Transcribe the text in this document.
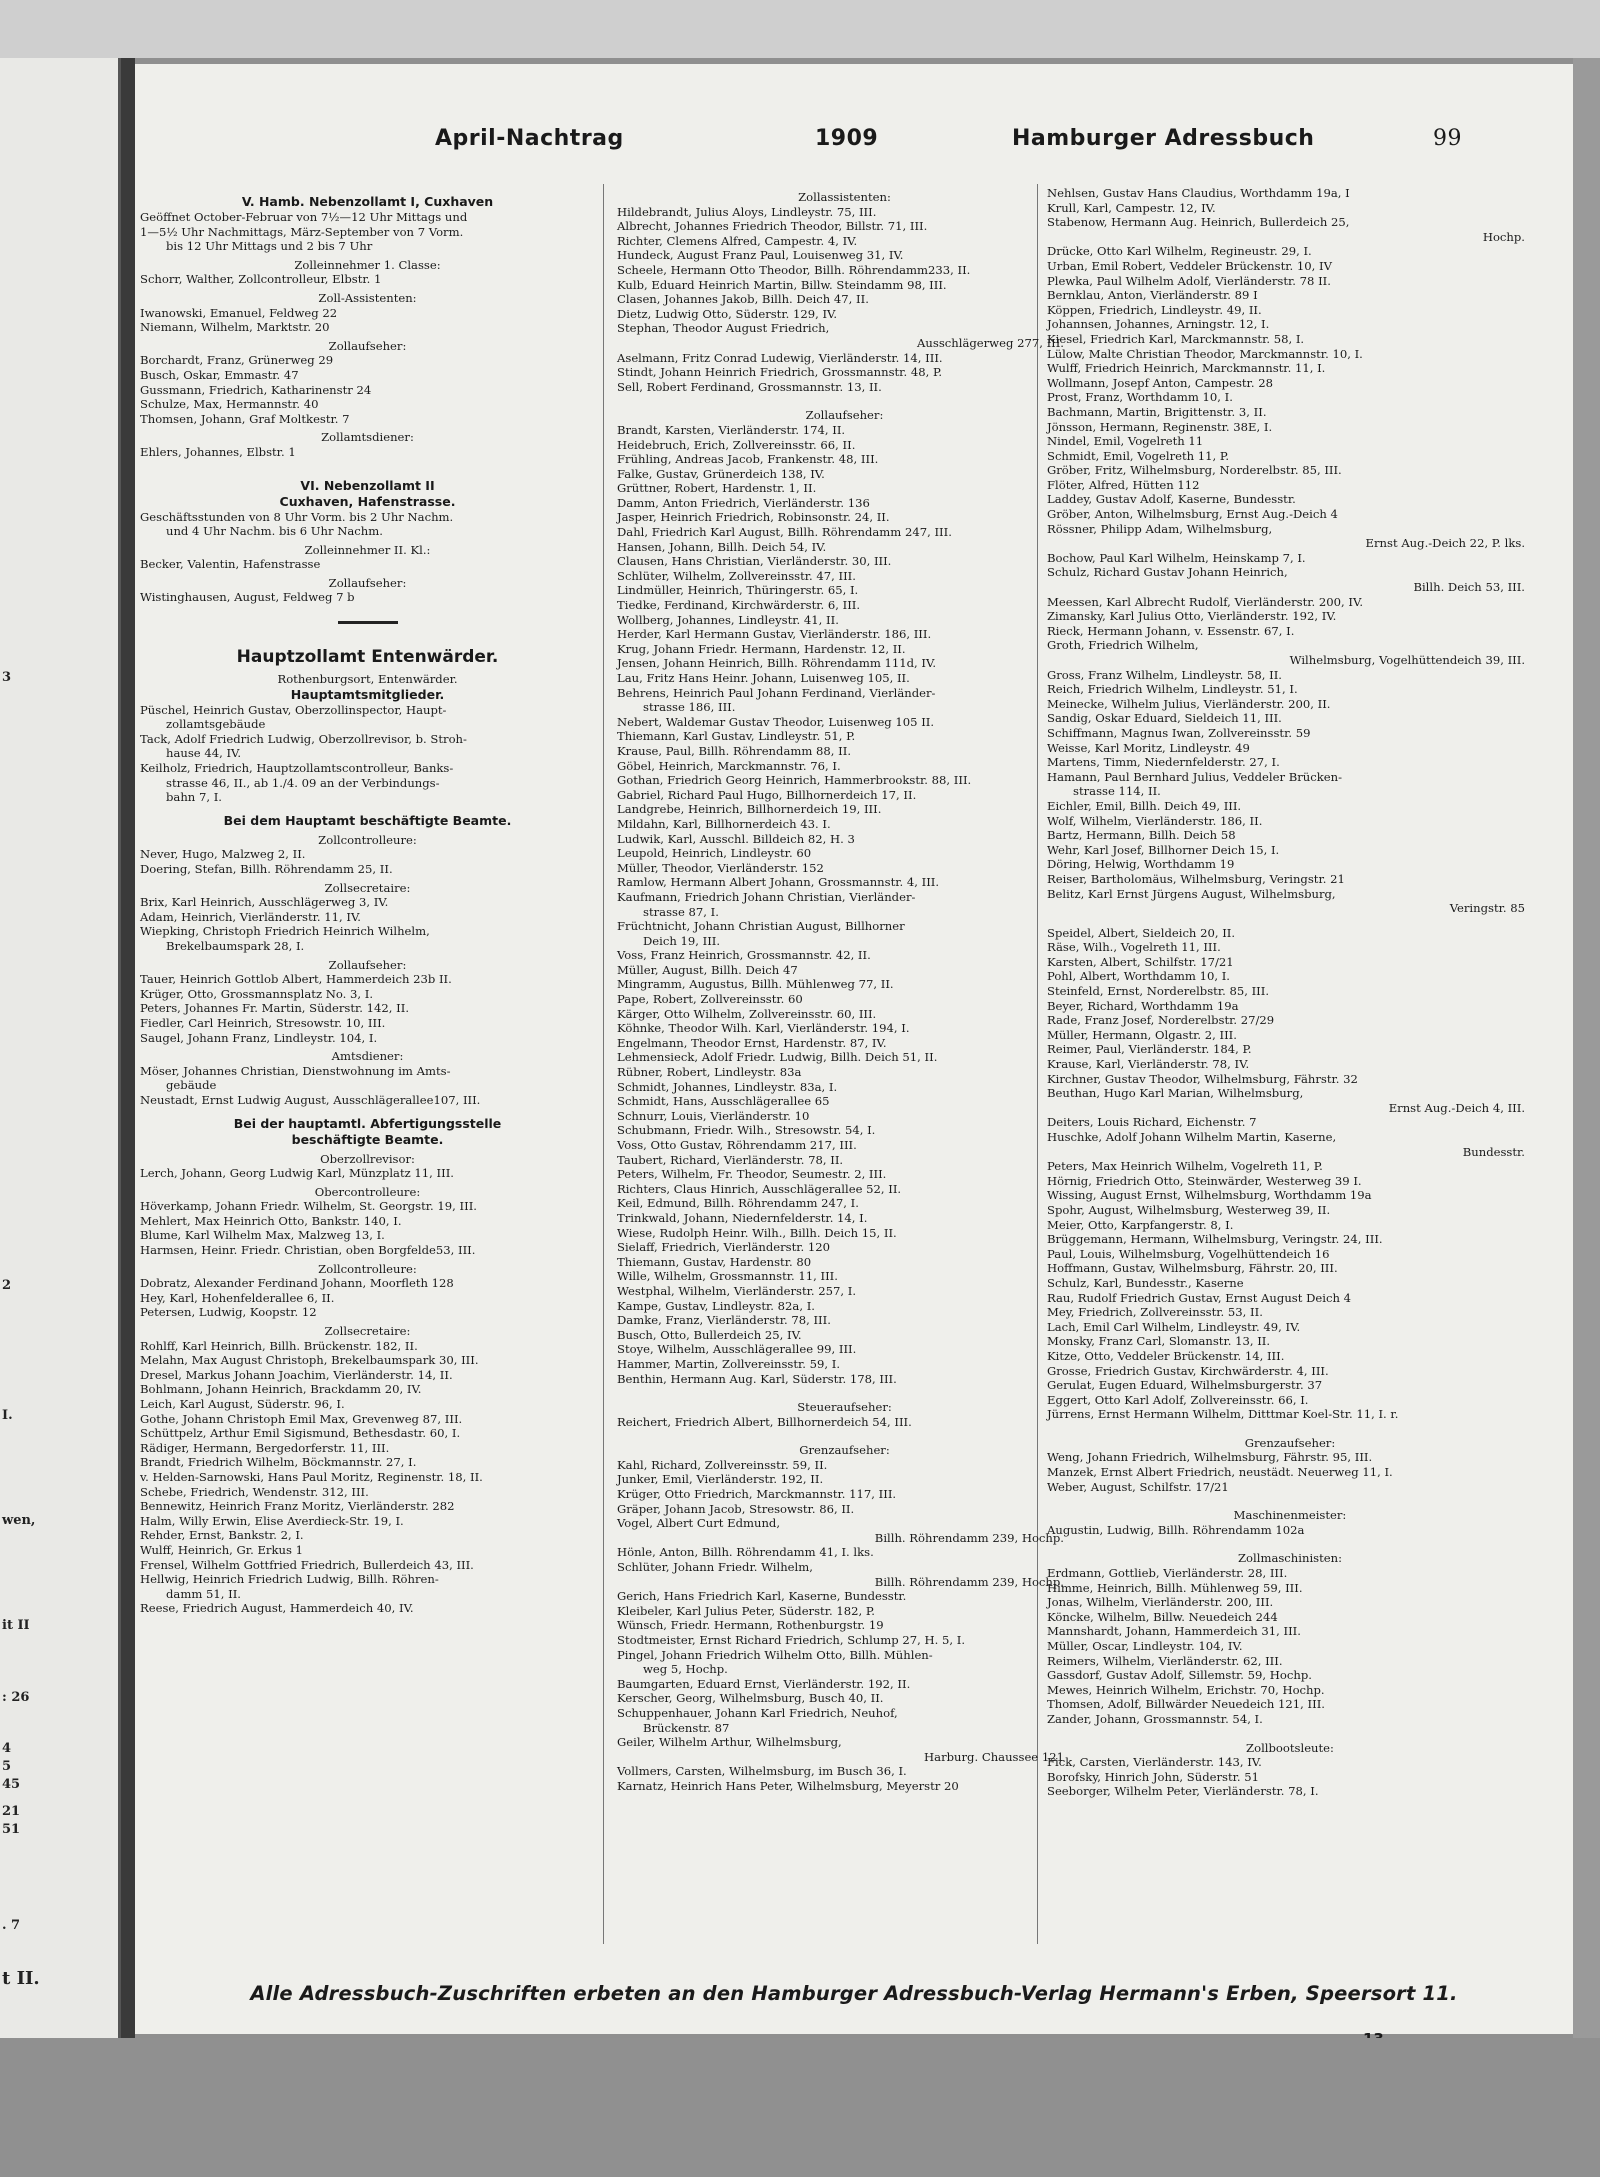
3
2
I.
wen,
it II
: 26
4
5
45
21
51
. 7
t II.
April-Nachtrag	1909	Hamburger Adressbuch	99
V. Hamb. Nebenzollamt I, Cuxhaven
Geöffnet October-Februar von 7½—12 Uhr Mittags und
1—5½ Uhr Nachmittags, März-September von 7 Vorm.
bis 12 Uhr Mittags und 2 bis 7 Uhr
Zolleinnehmer 1. Classe:
Schorr, Walther, Zollcontrolleur, Elbstr. 1
Zoll-Assistenten:
Iwanowski, Emanuel, Feldweg 22
Niemann, Wilhelm, Marktstr. 20
Zollaufseher:
Borchardt, Franz, Grünerweg 29
Busch, Oskar, Emmastr. 47
Gussmann, Friedrich, Katharinenstr 24
Schulze, Max, Hermannstr. 40
Thomsen, Johann, Graf Moltkestr. 7
Zollamtsdiener:
Ehlers, Johannes, Elbstr. 1
VI. Nebenzollamt II
Cuxhaven, Hafenstrasse.
Geschäftsstunden von 8 Uhr Vorm. bis 2 Uhr Nachm.
und 4 Uhr Nachm. bis 6 Uhr Nachm.
Zolleinnehmer II. Kl.:
Becker, Valentin, Hafenstrasse
Zollaufseher:
Wistinghausen, August, Feldweg 7 b
Hauptzollamt Entenwärder.
Rothenburgsort, Entenwärder.
Hauptamtsmitglieder.
Püschel, Heinrich Gustav, Oberzollinspector, Haupt-
zollamtsgebäude
Tack, Adolf Friedrich Ludwig, Oberzollrevisor, b. Stroh-
hause 44, IV.
Keilholz, Friedrich, Hauptzollamtscontrolleur, Banks-
strasse 46, II., ab 1./4. 09 an der Verbindungs-
bahn 7, I.
Bei dem Hauptamt beschäftigte Beamte.
Zollcontrolleure:
Never, Hugo, Malzweg 2, II.
Doering, Stefan, Billh. Röhrendamm 25, II.
Zollsecretaire:
Brix, Karl Heinrich, Ausschlägerweg 3, IV.
Adam, Heinrich, Vierländerstr. 11, IV.
Wiepking, Christoph Friedrich Heinrich Wilhelm,
Brekelbaumspark 28, I.
Zollaufseher:
Tauer, Heinrich Gottlob Albert, Hammerdeich 23b II.
Krüger, Otto, Grossmannsplatz No. 3, I.
Peters, Johannes Fr. Martin, Süderstr. 142, II.
Fiedler, Carl Heinrich, Stresowstr. 10, III.
Saugel, Johann Franz, Lindleystr. 104, I.
Amtsdiener:
Möser, Johannes Christian, Dienstwohnung im Amts-
gebäude
Neustadt, Ernst Ludwig August, Ausschlägerallee107, III.
Bei der hauptamtl. Abfertigungsstelle
beschäftigte Beamte.
Oberzollrevisor:
Lerch, Johann, Georg Ludwig Karl, Münzplatz 11, III.
Obercontrolleure:
Höverkamp, Johann Friedr. Wilhelm, St. Georgstr. 19, III.
Mehlert, Max Heinrich Otto, Bankstr. 140, I.
Blume, Karl Wilhelm Max, Malzweg 13, I.
Harmsen, Heinr. Friedr. Christian, oben Borgfelde53, III.
Zollcontrolleure:
Dobratz, Alexander Ferdinand Johann, Moorfleth 128
Hey, Karl, Hohenfelderallee 6, II.
Petersen, Ludwig, Koopstr. 12
Zollsecretaire:
Rohlff, Karl Heinrich, Billh. Brückenstr. 182, II.
Melahn, Max August Christoph, Brekelbaumspark 30, III.
Dresel, Markus Johann Joachim, Vierländerstr. 14, II.
Bohlmann, Johann Heinrich, Brackdamm 20, IV.
Leich, Karl August, Süderstr. 96, I.
Gothe, Johann Christoph Emil Max, Grevenweg 87, III.
Schüttpelz, Arthur Emil Sigismund, Bethesdastr. 60, I.
Rädiger, Hermann, Bergedorferstr. 11, III.
Brandt, Friedrich Wilhelm, Böckmannstr. 27, I.
v. Helden-Sarnowski, Hans Paul Moritz, Reginenstr. 18, II.
Schebe, Friedrich, Wendenstr. 312, III.
Bennewitz, Heinrich Franz Moritz, Vierländerstr. 282
Halm, Willy Erwin, Elise Averdieck-Str. 19, I.
Rehder, Ernst, Bankstr. 2, I.
Wulff, Heinrich, Gr. Erkus 1
Frensel, Wilhelm Gottfried Friedrich, Bullerdeich 43, III.
Hellwig, Heinrich Friedrich Ludwig, Billh. Röhren-
damm 51, II.
Reese, Friedrich August, Hammerdeich 40, IV.
Zollassistenten:
Hildebrandt, Julius Aloys, Lindleystr. 75, III.
Albrecht, Johannes Friedrich Theodor, Billstr. 71, III.
Richter, Clemens Alfred, Campestr. 4, IV.
Hundeck, August Franz Paul, Louisenweg 31, IV.
Scheele, Hermann Otto Theodor, Billh. Röhrendamm233, II.
Kulb, Eduard Heinrich Martin, Billw. Steindamm 98, III.
Clasen, Johannes Jakob, Billh. Deich 47, II.
Dietz, Ludwig Otto, Süderstr. 129, IV.
Stephan, Theodor August Friedrich,
Ausschlägerweg 277, III.
Aselmann, Fritz Conrad Ludewig, Vierländerstr. 14, III.
Stindt, Johann Heinrich Friedrich, Grossmannstr. 48, P.
Sell, Robert Ferdinand, Grossmannstr. 13, II.
Zollaufseher:
Brandt, Karsten, Vierländerstr. 174, II.
Heidebruch, Erich, Zollvereinsstr. 66, II.
Frühling, Andreas Jacob, Frankenstr. 48, III.
Falke, Gustav, Grünerdeich 138, IV.
Grüttner, Robert, Hardenstr. 1, II.
Damm, Anton Friedrich, Vierländerstr. 136
Jasper, Heinrich Friedrich, Robinsonstr. 24, II.
Dahl, Friedrich Karl August, Billh. Röhrendamm 247, III.
Hansen, Johann, Billh. Deich 54, IV.
Clausen, Hans Christian, Vierländerstr. 30, III.
Schlüter, Wilhelm, Zollvereinsstr. 47, III.
Lindmüller, Heinrich, Thüringerstr. 65, I.
Tiedke, Ferdinand, Kirchwärderstr. 6, III.
Wollberg, Johannes, Lindleystr. 41, II.
Herder, Karl Hermann Gustav, Vierländerstr. 186, III.
Krug, Johann Friedr. Hermann, Hardenstr. 12, II.
Jensen, Johann Heinrich, Billh. Röhrendamm 111d, IV.
Lau, Fritz Hans Heinr. Johann, Luisenweg 105, II.
Behrens, Heinrich Paul Johann Ferdinand, Vierländer-
strasse 186, III.
Nebert, Waldemar Gustav Theodor, Luisenweg 105 II.
Thiemann, Karl Gustav, Lindleystr. 51, P.
Krause, Paul, Billh. Röhrendamm 88, II.
Göbel, Heinrich, Marckmannstr. 76, I.
Gothan, Friedrich Georg Heinrich, Hammerbrookstr. 88, III.
Gabriel, Richard Paul Hugo, Billhornerdeich 17, II.
Landgrebe, Heinrich, Billhornerdeich 19, III.
Mildahn, Karl, Billhornerdeich 43. I.
Ludwik, Karl, Ausschl. Billdeich 82, H. 3
Leupold, Heinrich, Lindleystr. 60
Müller, Theodor, Vierländerstr. 152
Ramlow, Hermann Albert Johann, Grossmannstr. 4, III.
Kaufmann, Friedrich Johann Christian, Vierländer-
strasse 87, I.
Früchtnicht, Johann Christian August, Billhorner
Deich 19, III.
Voss, Franz Heinrich, Grossmannstr. 42, II.
Müller, August, Billh. Deich 47
Mingramm, Augustus, Billh. Mühlenweg 77, II.
Pape, Robert, Zollvereinsstr. 60
Kärger, Otto Wilhelm, Zollvereinsstr. 60, III.
Köhnke, Theodor Wilh. Karl, Vierländerstr. 194, I.
Engelmann, Theodor Ernst, Hardenstr. 87, IV.
Lehmensieck, Adolf Friedr. Ludwig, Billh. Deich 51, II.
Rübner, Robert, Lindleystr. 83a
Schmidt, Johannes, Lindleystr. 83a, I.
Schmidt, Hans, Ausschlägerallee 65
Schnurr, Louis, Vierländerstr. 10
Schubmann, Friedr. Wilh., Stresowstr. 54, I.
Voss, Otto Gustav, Röhrendamm 217, III.
Taubert, Richard, Vierländerstr. 78, II.
Peters, Wilhelm, Fr. Theodor, Seumestr. 2, III.
Richters, Claus Hinrich, Ausschlägerallee 52, II.
Keil, Edmund, Billh. Röhrendamm 247, I.
Trinkwald, Johann, Niedernfelderstr. 14, I.
Wiese, Rudolph Heinr. Wilh., Billh. Deich 15, II.
Sielaff, Friedrich, Vierländerstr. 120
Thiemann, Gustav, Hardenstr. 80
Wille, Wilhelm, Grossmannstr. 11, III.
Westphal, Wilhelm, Vierländerstr. 257, I.
Kampe, Gustav, Lindleystr. 82a, I.
Damke, Franz, Vierländerstr. 78, III.
Busch, Otto, Bullerdeich 25, IV.
Stoye, Wilhelm, Ausschlägerallee 99, III.
Hammer, Martin, Zollvereinsstr. 59, I.
Benthin, Hermann Aug. Karl, Süderstr. 178, III.
Steueraufseher:
Reichert, Friedrich Albert, Billhornerdeich 54, III.
Grenzaufseher:
Kahl, Richard, Zollvereinsstr. 59, II.
Junker, Emil, Vierländerstr. 192, II.
Krüger, Otto Friedrich, Marckmannstr. 117, III.
Gräper, Johann Jacob, Stresowstr. 86, II.
Vogel, Albert Curt Edmund,
Billh. Röhrendamm 239, Hochp.
Hönle, Anton, Billh. Röhrendamm 41, I. lks.
Schlüter, Johann Friedr. Wilhelm,
Billh. Röhrendamm 239, Hochp.
Gerich, Hans Friedrich Karl, Kaserne, Bundesstr.
Kleibeler, Karl Julius Peter, Süderstr. 182, P.
Wünsch, Friedr. Hermann, Rothenburgstr. 19
Stodtmeister, Ernst Richard Friedrich, Schlump 27, H. 5, I.
Pingel, Johann Friedrich Wilhelm Otto, Billh. Mühlen-
weg 5, Hochp.
Baumgarten, Eduard Ernst, Vierländerstr. 192, II.
Kerscher, Georg, Wilhelmsburg, Busch 40, II.
Schuppenhauer, Johann Karl Friedrich, Neuhof,
Brückenstr. 87
Geiler, Wilhelm Arthur, Wilhelmsburg,
Harburg. Chaussee 121
Vollmers, Carsten, Wilhelmsburg, im Busch 36, I.
Karnatz, Heinrich Hans Peter, Wilhelmsburg, Meyerstr 20
Nehlsen, Gustav Hans Claudius, Worthdamm 19a, I
Krull, Karl, Campestr. 12, IV.
Stabenow, Hermann Aug. Heinrich, Bullerdeich 25,
Hochp.
Drücke, Otto Karl Wilhelm, Regineustr. 29, I.
Urban, Emil Robert, Veddeler Brückenstr. 10, IV
Plewka, Paul Wilhelm Adolf, Vierländerstr. 78 II.
Bernklau, Anton, Vierländerstr. 89 I
Köppen, Friedrich, Lindleystr. 49, II.
Johannsen, Johannes, Arningstr. 12, I.
Kiesel, Friedrich Karl, Marckmannstr. 58, I.
Lülow, Malte Christian Theodor, Marckmannstr. 10, I.
Wulff, Friedrich Heinrich, Marckmannstr. 11, I.
Wollmann, Josepf Anton, Campestr. 28
Prost, Franz, Worthdamm 10, I.
Bachmann, Martin, Brigittenstr. 3, II.
Jönsson, Hermann, Reginenstr. 38E, I.
Nindel, Emil, Vogelreth 11
Schmidt, Emil, Vogelreth 11, P.
Gröber, Fritz, Wilhelmsburg, Norderelbstr. 85, III.
Flöter, Alfred, Hütten 112
Laddey, Gustav Adolf, Kaserne, Bundesstr.
Gröber, Anton, Wilhelmsburg, Ernst Aug.-Deich 4
Rössner, Philipp Adam, Wilhelmsburg,
Ernst Aug.-Deich 22, P. lks.
Bochow, Paul Karl Wilhelm, Heinskamp 7, I.
Schulz, Richard Gustav Johann Heinrich,
Billh. Deich 53, III.
Meessen, Karl Albrecht Rudolf, Vierländerstr. 200, IV.
Zimansky, Karl Julius Otto, Vierländerstr. 192, IV.
Rieck, Hermann Johann, v. Essenstr. 67, I.
Groth, Friedrich Wilhelm,
Wilhelmsburg, Vogelhüttendeich 39, III.
Gross, Franz Wilhelm, Lindleystr. 58, II.
Reich, Friedrich Wilhelm, Lindleystr. 51, I.
Meinecke, Wilhelm Julius, Vierländerstr. 200, II.
Sandig, Oskar Eduard, Sieldeich 11, III.
Schiffmann, Magnus Iwan, Zollvereinsstr. 59
Weisse, Karl Moritz, Lindleystr. 49
Martens, Timm, Niedernfelderstr. 27, I.
Hamann, Paul Bernhard Julius, Veddeler Brücken-
strasse 114, II.
Eichler, Emil, Billh. Deich 49, III.
Wolf, Wilhelm, Vierländerstr. 186, II.
Bartz, Hermann, Billh. Deich 58
Wehr, Karl Josef, Billhorner Deich 15, I.
Döring, Helwig, Worthdamm 19
Reiser, Bartholomäus, Wilhelmsburg, Veringstr. 21
Belitz, Karl Ernst Jürgens August, Wilhelmsburg,
Veringstr. 85
Speidel, Albert, Sieldeich 20, II.
Räse, Wilh., Vogelreth 11, III.
Karsten, Albert, Schilfstr. 17/21
Pohl, Albert, Worthdamm 10, I.
Steinfeld, Ernst, Norderelbstr. 85, III.
Beyer, Richard, Worthdamm 19a
Rade, Franz Josef, Norderelbstr. 27/29
Müller, Hermann, Olgastr. 2, III.
Reimer, Paul, Vierländerstr. 184, P.
Krause, Karl, Vierländerstr. 78, IV.
Kirchner, Gustav Theodor, Wilhelmsburg, Fährstr. 32
Beuthan, Hugo Karl Marian, Wilhelmsburg,
Ernst Aug.-Deich 4, III.
Deiters, Louis Richard, Eichenstr. 7
Huschke, Adolf Johann Wilhelm Martin, Kaserne,
Bundesstr.
Peters, Max Heinrich Wilhelm, Vogelreth 11, P.
Hörnig, Friedrich Otto, Steinwärder, Westerweg 39 I.
Wissing, August Ernst, Wilhelmsburg, Worthdamm 19a
Spohr, August, Wilhelmsburg, Westerweg 39, II.
Meier, Otto, Karpfangerstr. 8, I.
Brüggemann, Hermann, Wilhelmsburg, Veringstr. 24, III.
Paul, Louis, Wilhelmsburg, Vogelhüttendeich 16
Hoffmann, Gustav, Wilhelmsburg, Fährstr. 20, III.
Schulz, Karl, Bundesstr., Kaserne
Rau, Rudolf Friedrich Gustav, Ernst August Deich 4
Mey, Friedrich, Zollvereinsstr. 53, II.
Lach, Emil Carl Wilhelm, Lindleystr. 49, IV.
Monsky, Franz Carl, Slomanstr. 13, II.
Kitze, Otto, Veddeler Brückenstr. 14, III.
Grosse, Friedrich Gustav, Kirchwärderstr. 4, III.
Gerulat, Eugen Eduard, Wilhelmsburgerstr. 37
Eggert, Otto Karl Adolf, Zollvereinsstr. 66, I.
Jürrens, Ernst Hermann Wilhelm, Ditttmar Koel-Str. 11, I. r.
Grenzaufseher:
Weng, Johann Friedrich, Wilhelmsburg, Fährstr. 95, III.
Manzek, Ernst Albert Friedrich, neustädt. Neuerweg 11, I.
Weber, August, Schilfstr. 17/21
Maschinenmeister:
Augustin, Ludwig, Billh. Röhrendamm 102a
Zollmaschinisten:
Erdmann, Gottlieb, Vierländerstr. 28, III.
Himme, Heinrich, Billh. Mühlenweg 59, III.
Jonas, Wilhelm, Vierländerstr. 200, III.
Köncke, Wilhelm, Billw. Neuedeich 244
Mannshardt, Johann, Hammerdeich 31, III.
Müller, Oscar, Lindleystr. 104, IV.
Reimers, Wilhelm, Vierländerstr. 62, III.
Gassdorf, Gustav Adolf, Sillemstr. 59, Hochp.
Mewes, Heinrich Wilhelm, Erichstr. 70, Hochp.
Thomsen, Adolf, Billwärder Neuedeich 121, III.
Zander, Johann, Grossmannstr. 54, I.
Zollbootsleute:
Fick, Carsten, Vierländerstr. 143, IV.
Borofsky, Hinrich John, Süderstr. 51
Seeborger, Wilhelm Peter, Vierländerstr. 78, I.
Alle Adressbuch-Zuschriften erbeten an den Hamburger Adressbuch-Verlag Hermann's Erben, Speersort 11.
